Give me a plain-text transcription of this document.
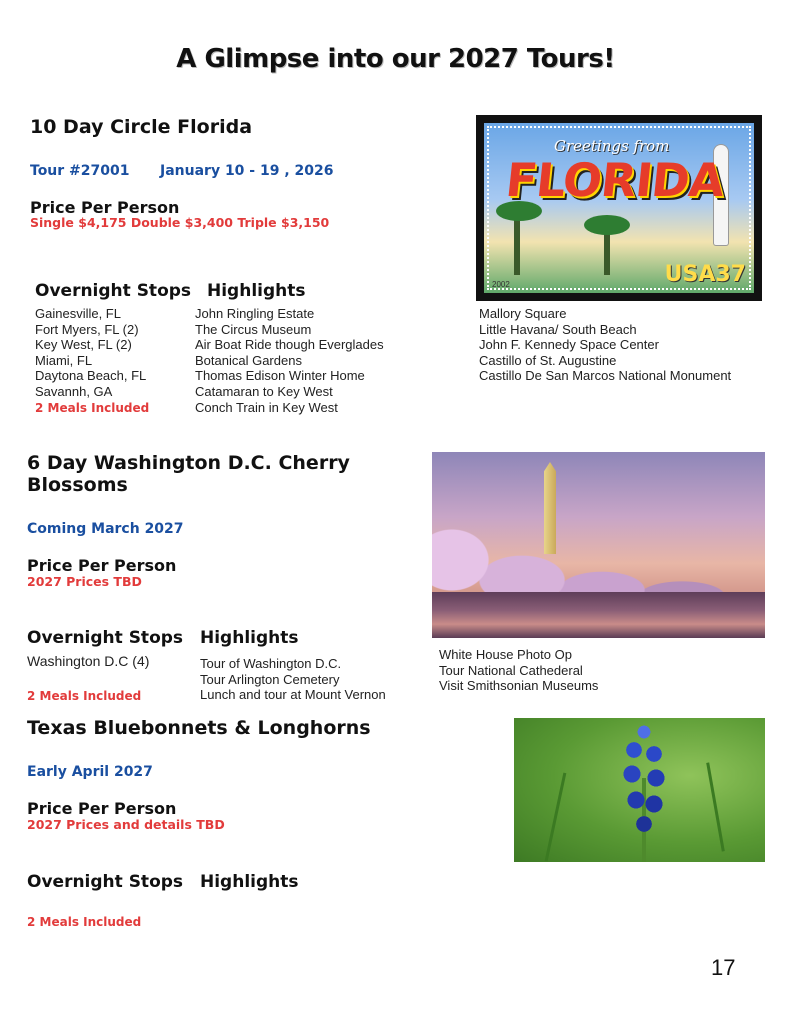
A Glimpse into our 2027 Tours!
10 Day Circle Florida
Tour #27001 January 10 - 19 , 2026
Price Per Person
Single $4,175 Double $3,400 Triple $3,150
Overnight Stops Highlights
Gainesville, FL
Fort Myers, FL (2)
Key West, FL (2)
Miami, FL
Daytona Beach, FL
Savannh, GA
2 Meals Included
John Ringling Estate
The Circus Museum
Air Boat Ride though Everglades
Botanical Gardens
Thomas Edison Winter Home
Catamaran to Key West
Conch Train in Key West
Mallory Square
Little Havana/ South Beach
John F. Kennedy Space Center
Castillo of St. Augustine
Castillo De San Marcos National Monument
Greetings from
FLORIDA
USA37
2002
6 Day Washington D.C. Cherry
Blossoms
Coming March 2027
Price Per Person
2027 Prices TBD
Overnight Stops Highlights
Washington D.C (4)
2 Meals Included
Tour of Washington D.C.
Tour Arlington Cemetery
Lunch and tour at Mount Vernon
White House Photo Op
Tour National Cathederal
Visit Smithsonian Museums
Texas Bluebonnets & Longhorns
Early April 2027
Price Per Person
2027 Prices and details TBD
Overnight Stops Highlights
2 Meals Included
17
